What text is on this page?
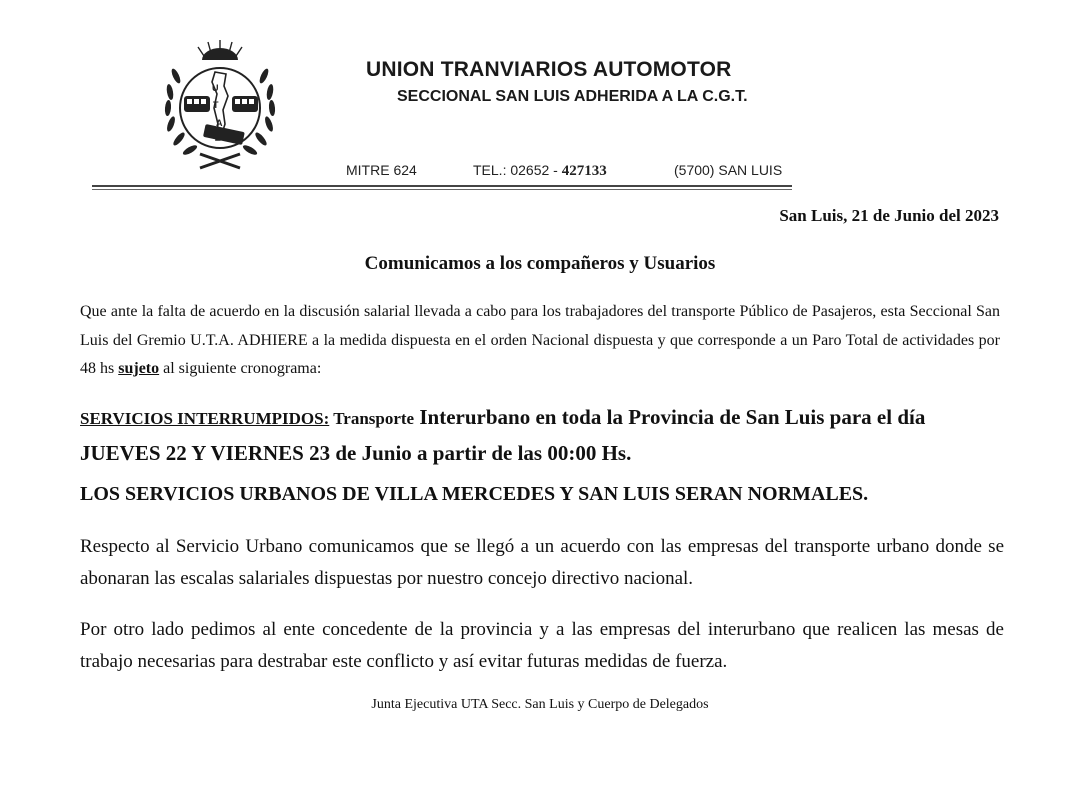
U
T
A
UNION TRANVIARIOS AUTOMOTOR
SECCIONAL SAN LUIS ADHERIDA A LA C.G.T.
MITRE 624	TEL.: 02652 - 427133	(5700) SAN LUIS
San Luis, 21 de Junio del 2023
Comunicamos a los compañeros y Usuarios
Que ante la falta de acuerdo en la discusión salarial llevada a cabo para los trabajadores del transporte Público de Pasajeros, esta Seccional San Luis del Gremio U.T.A. ADHIERE a la medida dispuesta en el orden Nacional dispuesta y que corresponde a un Paro Total de actividades por 48 hs sujeto al siguiente cronograma:
SERVICIOS INTERRUMPIDOS: Transporte Interurbano en toda la Provincia de San Luis para el día JUEVES 22 Y VIERNES 23 de Junio a partir de las 00:00 Hs.
LOS SERVICIOS URBANOS DE VILLA MERCEDES Y SAN LUIS SERAN NORMALES.
Respecto al Servicio Urbano comunicamos que se llegó a un acuerdo con las empresas del transporte urbano donde se abonaran las escalas salariales dispuestas por nuestro concejo directivo nacional.
Por otro lado pedimos al ente concedente de la provincia y a las empresas del interurbano que realicen las mesas de trabajo necesarias para destrabar este conflicto y así evitar futuras medidas de fuerza.
Junta Ejecutiva UTA Secc. San Luis y Cuerpo de Delegados
